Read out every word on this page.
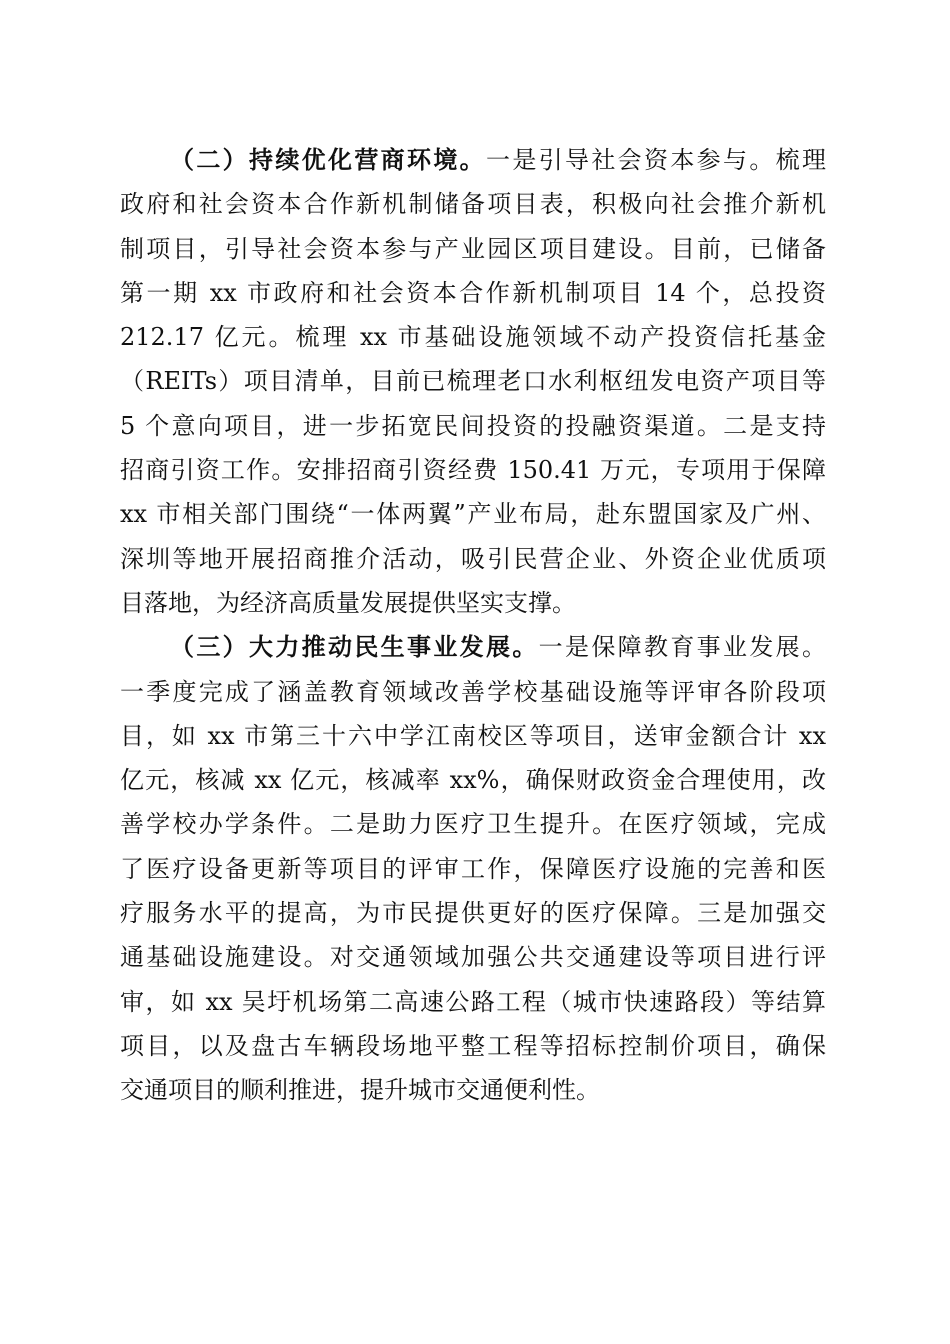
（二）持续优化营商环境。一是引导社会资本参与。梳理
政府和社会资本合作新机制储备项目表，积极向社会推介新机
制项目，引导社会资本参与产业园区项目建设。目前，已储备
第一期 xx 市政府和社会资本合作新机制项目 14 个，总投资
212.17 亿元。梳理 xx 市基础设施领域不动产投资信托基金
（REITs）项目清单，目前已梳理老口水利枢纽发电资产项目等
5 个意向项目，进一步拓宽民间投资的投融资渠道。二是支持
招商引资工作。安排招商引资经费 150.41 万元，专项用于保障
xx 市相关部门围绕“一体两翼”产业布局，赴东盟国家及广州、
深圳等地开展招商推介活动，吸引民营企业、外资企业优质项
目落地，为经济高质量发展提供坚实支撑。
（三）大力推动民生事业发展。一是保障教育事业发展。
一季度完成了涵盖教育领域改善学校基础设施等评审各阶段项
目，如 xx 市第三十六中学江南校区等项目，送审金额合计 xx
亿元，核减 xx 亿元，核减率 xx%，确保财政资金合理使用，改
善学校办学条件。二是助力医疗卫生提升。在医疗领域，完成
了医疗设备更新等项目的评审工作，保障医疗设施的完善和医
疗服务水平的提高，为市民提供更好的医疗保障。三是加强交
通基础设施建设。对交通领域加强公共交通建设等项目进行评
审，如 xx 吴圩机场第二高速公路工程（城市快速路段）等结算
项目，以及盘古车辆段场地平整工程等招标控制价项目，确保
交通项目的顺利推进，提升城市交通便利性。
